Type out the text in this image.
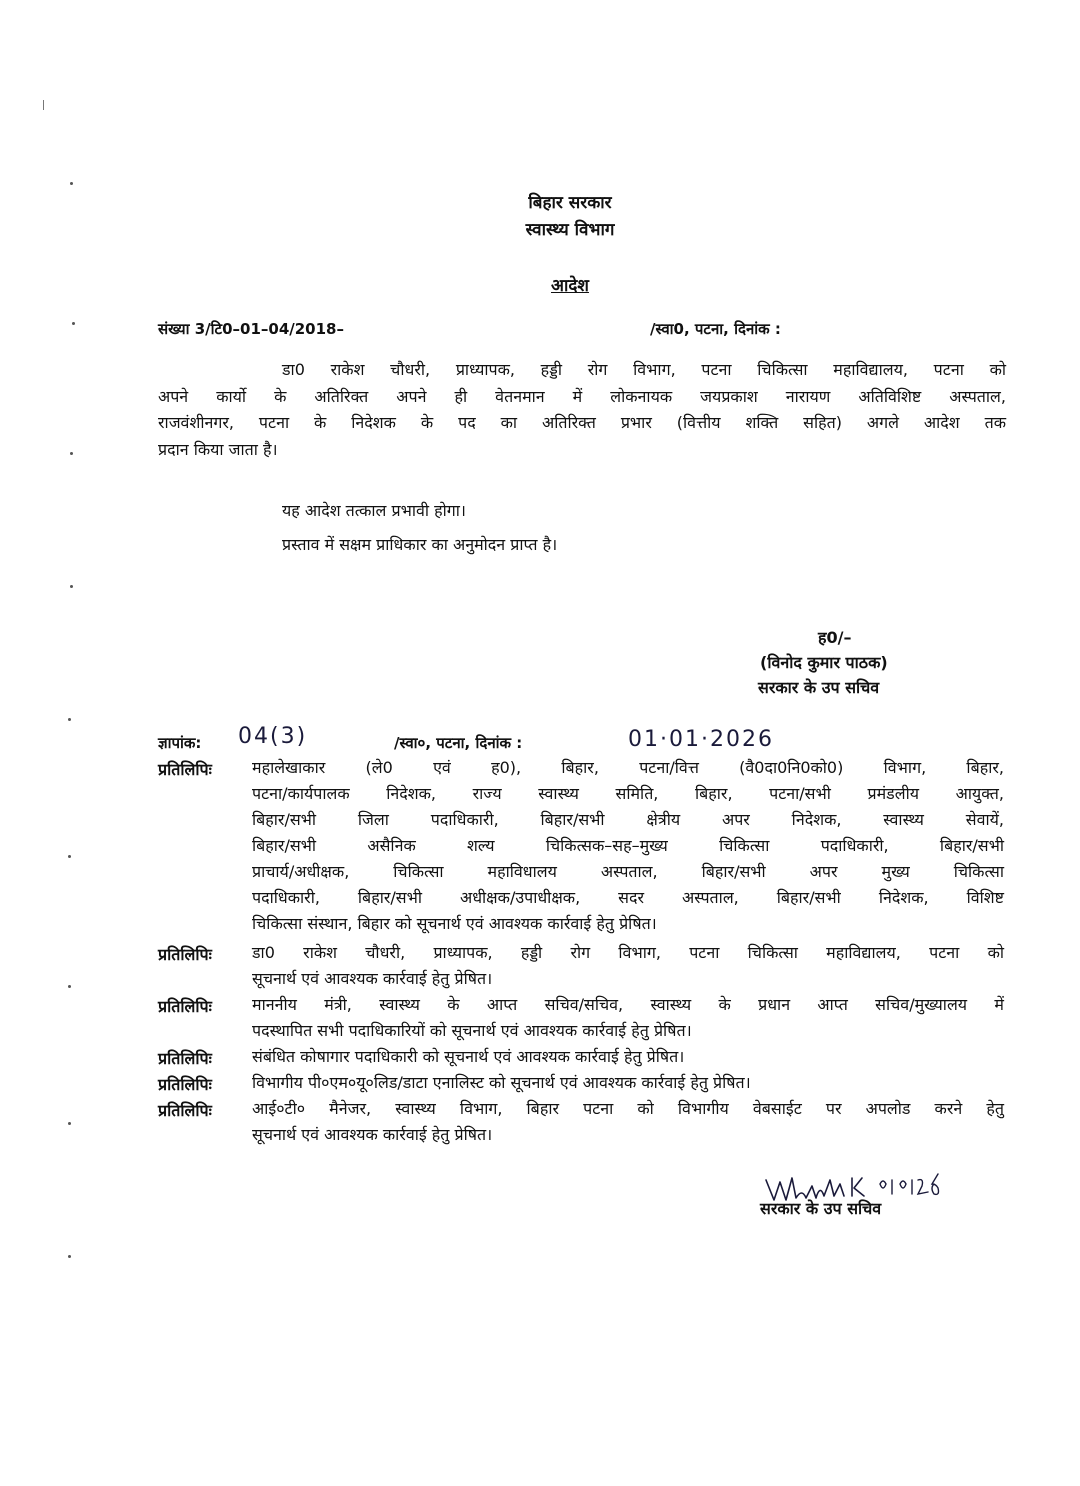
बिहार सरकार
स्वास्थ्य विभाग
आदेश
संख्या 3/टि0–01–04/2018–	/स्वा0, पटना, दिनांक :
डा0 राकेश चौधरी, प्राध्यापक, हड्डी रोग विभाग, पटना चिकित्सा महाविद्यालय, पटना को
अपने कार्यो के अतिरिक्त अपने ही वेतनमान में लोकनायक जयप्रकाश नारायण अतिविशिष्ट अस्पताल,
राजवंशीनगर, पटना के निदेशक के पद का अतिरिक्त प्रभार (वित्तीय शक्ति सहित) अगले आदेश तक
प्रदान किया जाता है।
यह आदेश तत्काल प्रभावी होगा।
प्रस्ताव में सक्षम प्राधिकार का अनुमोदन प्राप्त है।
ह0/–
(विनोद कुमार पाठक)
सरकार के उप सचिव
ज्ञापांक: 04(3)	/स्वा०, पटना, दिनांक :	01·01·2026
प्रतिलिपिः	महालेखाकार (ले0 एवं ह0), बिहार, पटना/वित्त (वै0दा0नि0को0) विभाग, बिहार,
पटना/कार्यपालक निदेशक, राज्य स्वास्थ्य समिति, बिहार, पटना/सभी प्रमंडलीय आयुक्त,
बिहार/सभी जिला पदाधिकारी, बिहार/सभी क्षेत्रीय अपर निदेशक, स्वास्थ्य सेवायें,
बिहार/सभी असैनिक शल्य चिकित्सक–सह–मुख्य चिकित्सा पदाधिकारी, बिहार/सभी
प्राचार्य/अधीक्षक, चिकित्सा महाविधालय अस्पताल, बिहार/सभी अपर मुख्य चिकित्सा
पदाधिकारी, बिहार/सभी अधीक्षक/उपाधीक्षक, सदर अस्पताल, बिहार/सभी निदेशक, विशिष्ट
चिकित्सा संस्थान, बिहार को सूचनार्थ एवं आवश्यक कार्रवाई हेतु प्रेषित।
प्रतिलिपिः	डा0 राकेश चौधरी, प्राध्यापक, हड्डी रोग विभाग, पटना चिकित्सा महाविद्यालय, पटना को
सूचनार्थ एवं आवश्यक कार्रवाई हेतु प्रेषित।
प्रतिलिपिः	माननीय मंत्री, स्वास्थ्य के आप्त सचिव/सचिव, स्वास्थ्य के प्रधान आप्त सचिव/मुख्यालय में
पदस्थापित सभी पदाधिकारियों को सूचनार्थ एवं आवश्यक कार्रवाई हेतु प्रेषित।
प्रतिलिपिः	संबंधित कोषागार पदाधिकारी को सूचनार्थ एवं आवश्यक कार्रवाई हेतु प्रेषित।
प्रतिलिपिः	विभागीय पी०एम०यू०लिड/डाटा एनालिस्ट को सूचनार्थ एवं आवश्यक कार्रवाई हेतु प्रेषित।
प्रतिलिपिः	आई०टी० मैनेजर, स्वास्थ्य विभाग, बिहार पटना को विभागीय वेबसाईट पर अपलोड करने हेतु
सूचनार्थ एवं आवश्यक कार्रवाई हेतु प्रेषित।
सरकार के उप सचिव
